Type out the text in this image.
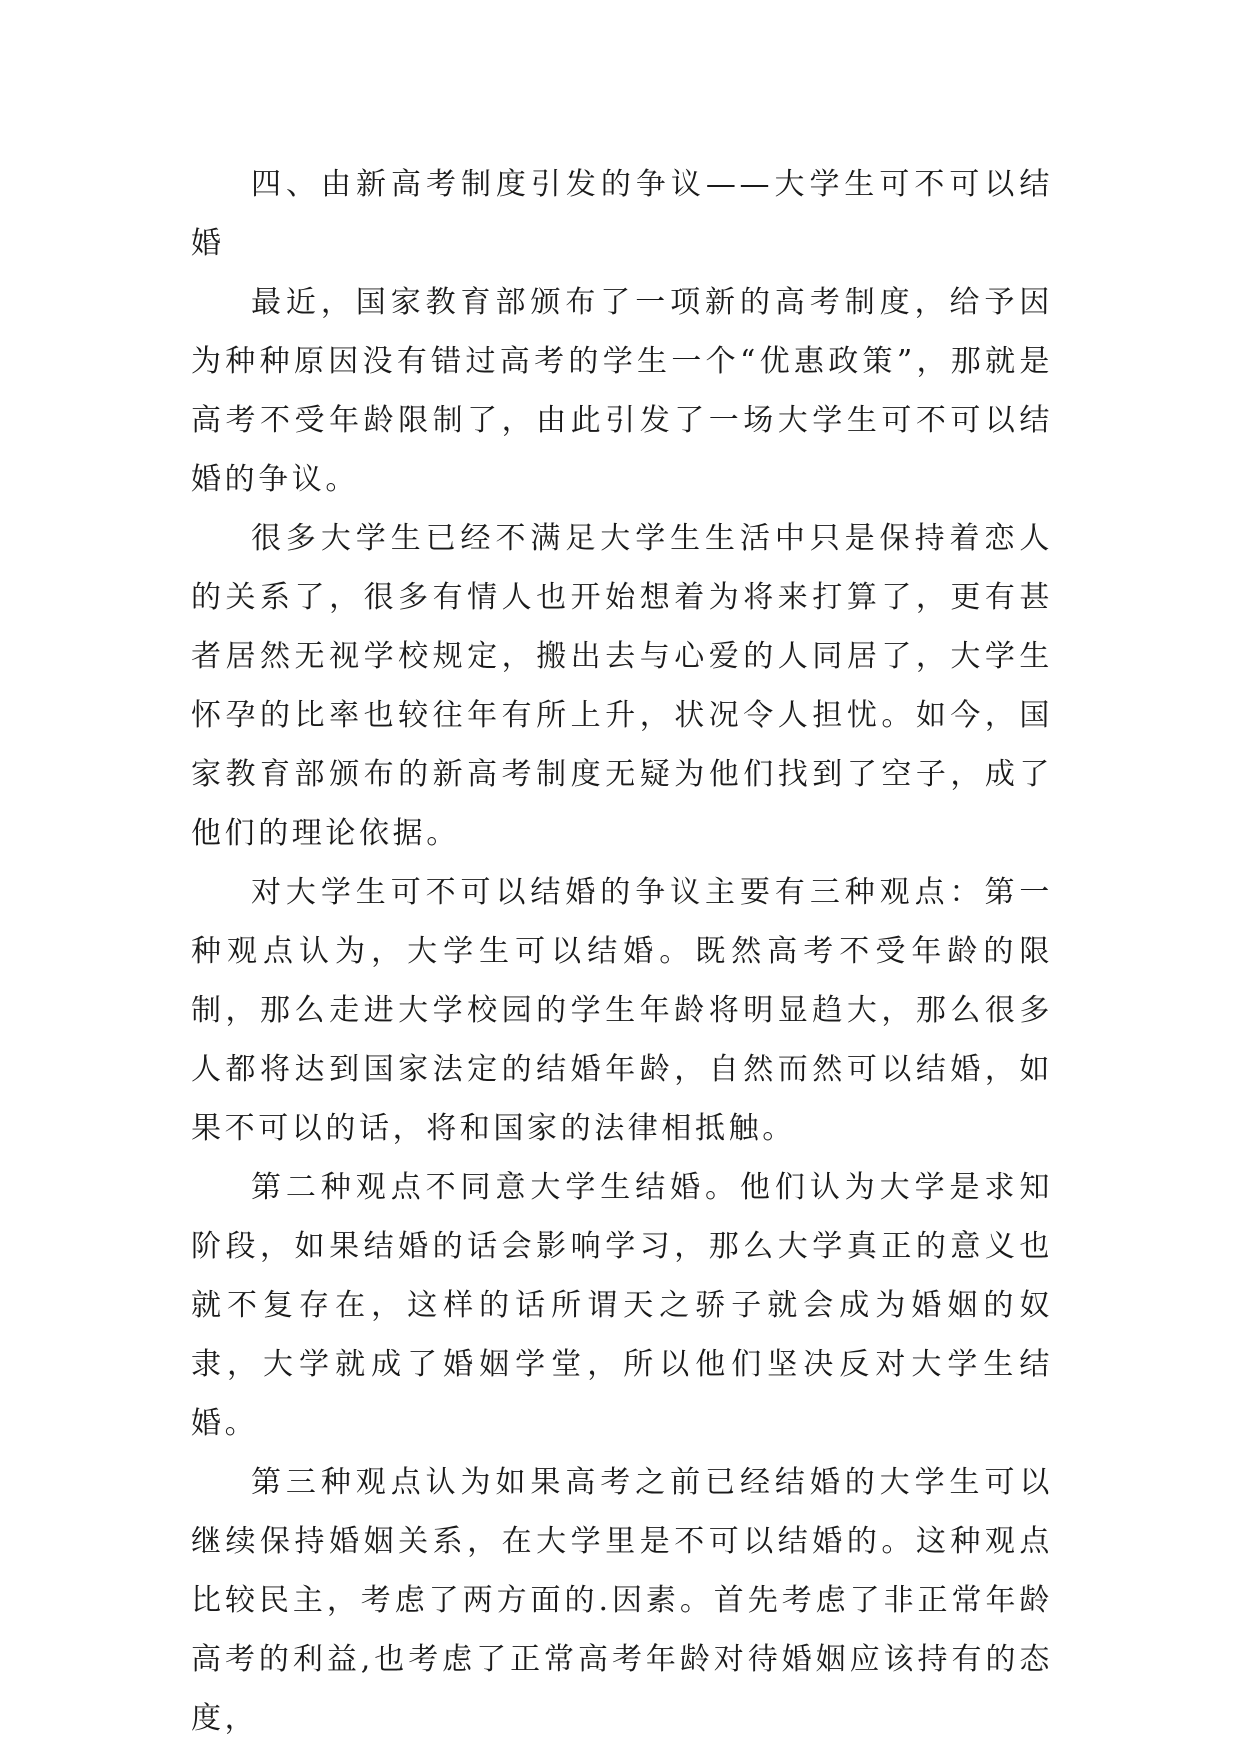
四、由新高考制度引发的争议——大学生可不可以结婚

最近，国家教育部颁布了一项新的高考制度，给予因为种种原因没有错过高考的学生一个“优惠政策”，那就是高考不受年龄限制了，由此引发了一场大学生可不可以结婚的争议。

很多大学生已经不满足大学生生活中只是保持着恋人的关系了，很多有情人也开始想着为将来打算了，更有甚者居然无视学校规定，搬出去与心爱的人同居了，大学生怀孕的比率也较往年有所上升，状况令人担忧。如今，国家教育部颁布的新高考制度无疑为他们找到了空子，成了他们的理论依据。

对大学生可不可以结婚的争议主要有三种观点：第一种观点认为，大学生可以结婚。既然高考不受年龄的限制，那么走进大学校园的学生年龄将明显趋大，那么很多人都将达到国家法定的结婚年龄，自然而然可以结婚，如果不可以的话，将和国家的法律相抵触。

第二种观点不同意大学生结婚。他们认为大学是求知阶段，如果结婚的话会影响学习，那么大学真正的意义也就不复存在，这样的话所谓天之骄子就会成为婚姻的奴隶，大学就成了婚姻学堂，所以他们坚决反对大学生结婚。

第三种观点认为如果高考之前已经结婚的大学生可以继续保持婚姻关系，在大学里是不可以结婚的。这种观点比较民主，考虑了两方面的.因素。首先考虑了非正常年龄高考的利益,也考虑了正常高考年龄对待婚姻应该持有的态度，
